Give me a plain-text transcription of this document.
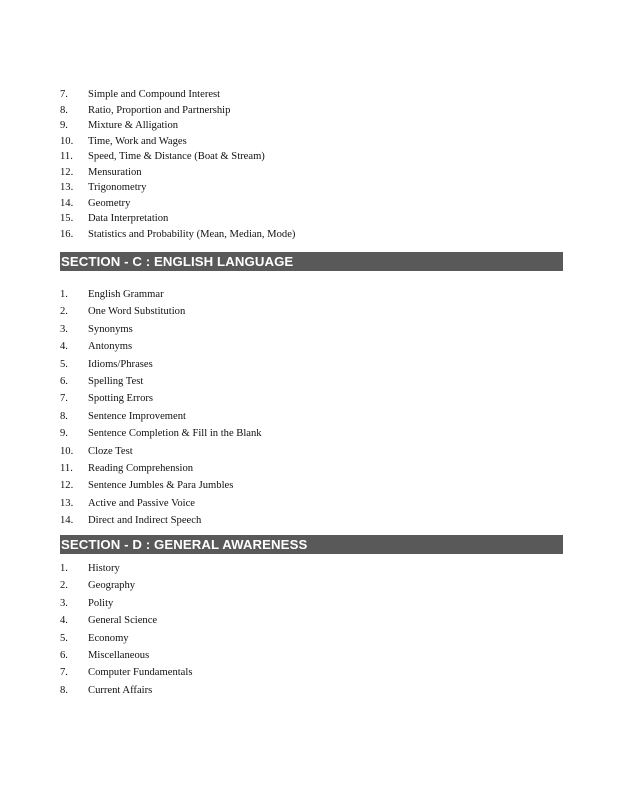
7. Simple and Compound Interest
8. Ratio, Proportion and Partnership
9. Mixture & Alligation
10. Time, Work and Wages
11. Speed, Time & Distance (Boat & Stream)
12. Mensuration
13. Trigonometry
14. Geometry
15. Data Interpretation
16. Statistics and Probability (Mean, Median, Mode)
SECTION - C : ENGLISH LANGUAGE
1. English Grammar
2. One Word Substitution
3. Synonyms
4. Antonyms
5. Idioms/Phrases
6. Spelling Test
7. Spotting Errors
8. Sentence Improvement
9. Sentence Completion & Fill in the Blank
10. Cloze Test
11. Reading Comprehension
12. Sentence Jumbles & Para Jumbles
13. Active and Passive Voice
14. Direct and Indirect Speech
SECTION - D : GENERAL AWARENESS
1. History
2. Geography
3. Polity
4. General Science
5. Economy
6. Miscellaneous
7. Computer Fundamentals
8. Current Affairs
